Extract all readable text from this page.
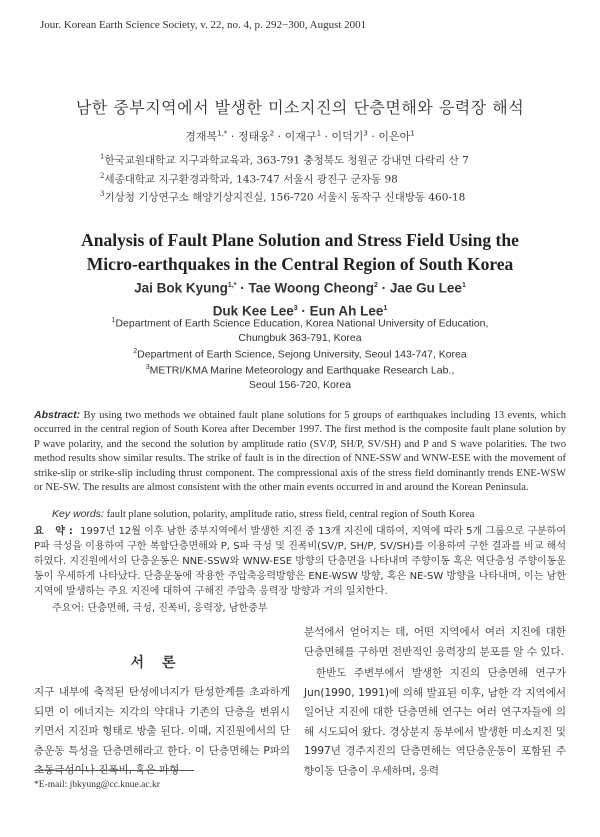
Jour. Korean Earth Science Society, v. 22, no. 4, p. 292−300, August 2001
남한 중부지역에서 발생한 미소지진의 단층면해와 응력장 해석
경재복$^{1,*}$ · 정태웅$^2$ · 이재구$^1$ · 이덕기$^3$ · 이은아$^1$
$^1$한국교원대학교 지구과학교육과, 363-791 충청북도 청원군 강내면 다락리 산 7
$^2$세종대학교 지구환경과학과, 143-747 서울시 광진구 군자동 98
$^3$기상청 기상연구소 해양기상지진실, 156-720 서울시 동작구 신대방동 460-18
Analysis of Fault Plane Solution and Stress Field Using the
Micro-earthquakes in the Central Region of South Korea
Jai Bok Kyung$^{1,*}$ · Tae Woong Cheong$^2$ · Jae Gu Lee$^1$
Duk Kee Lee$^3$ · Eun Ah Lee$^1$
$^1$Department of Earth Science Education, Korea National University of Education,
Chungbuk 363-791, Korea
$^2$Department of Earth Science, Sejong University, Seoul 143-747, Korea
$^3$METRI/KMA Marine Meteorology and Earthquake Research Lab.,
Seoul 156-720, Korea
Abstract: By using two methods we obtained fault plane solutions for 5 groups of earthquakes including 13 events, which occurred in the central region of South Korea after December 1997. The first method is the composite fault plane solution by P wave polarity, and the second the solution by amplitude ratio (SV/P, SH/P, SV/SH) and P and S wave polarities. The two method results show similar results. The strike of fault is in the direction of NNE-SSW and WNW-ESE with the movement of strike-slip or strike-slip including thrust component. The compressional axis of the stress field dominantly trends ENE-WSW or NE-SW. The results are almost consistent with the other main events occurred in and around the Korean Peninsula.
Key words: fault plane solution, polarity, amplitude ratio, stress field, central region of South Korea
요 약: 1997년 12월 이후 남한 중부지역에서 발생한 지진 중 13개 지진에 대하여, 지역에 따라 5개 그룹으로 구분하여 P파 극성을 이용하여 구한 복합단층면해와 P, S파 극성 및 진폭비(SV/P, SH/P, SV/SH)를 이용하여 구한 결과를 비교 해석하였다. 지진원에서의 단층운동은 NNE-SSW와 WNW-ESE 방향의 단층면을 나타내며 주향이동 혹은 역단층성 주향이동운동이 우세하게 나타났다. 단층운동에 작용한 주압축응력방향은 ENE-WSW 방향, 혹은 NE-SW 방향을 나타내며, 이는 남한지역에 발생하는 주요 지진에 대하여 구해진 주압축 응력장 방향과 거의 일치한다.
주요어: 단층면해, 극성, 진폭비, 응력장, 남한중부
서론
지구 내부에 축적된 탄성에너지가 탄성한계를 초과하게 되면 이 에너지는 지각의 약대나 기존의 단층을 변위시키면서 지진파 형태로 방출 된다. 이때, 지진원에서의 단층운동 특성을 단층면해라고 한다. 이 단층면해는 P파의 초동극성이나 진폭비, 혹은 파형
분석에서 얻어지는 데, 어떤 지역에서 여러 지진에 대한 단층면해를 구하면 전반적인 응력장의 분포를 알 수 있다.
한반도 주변부에서 발생한 지진의 단층면해 연구가 Jun(1990, 1991)에 의해 발표된 이후, 남한 각 지역에서 일어난 지진에 대한 단층면해 연구는 여러 연구자들에 의해 시도되어 왔다. 경상분지 동부에서 발생한 미소지진 및 1997년 경주지진의 단층면해는 역단층운동이 포함된 주향이동 단층이 우세하며, 응력
*E-mail: jbkyung@cc.knue.ac.kr
